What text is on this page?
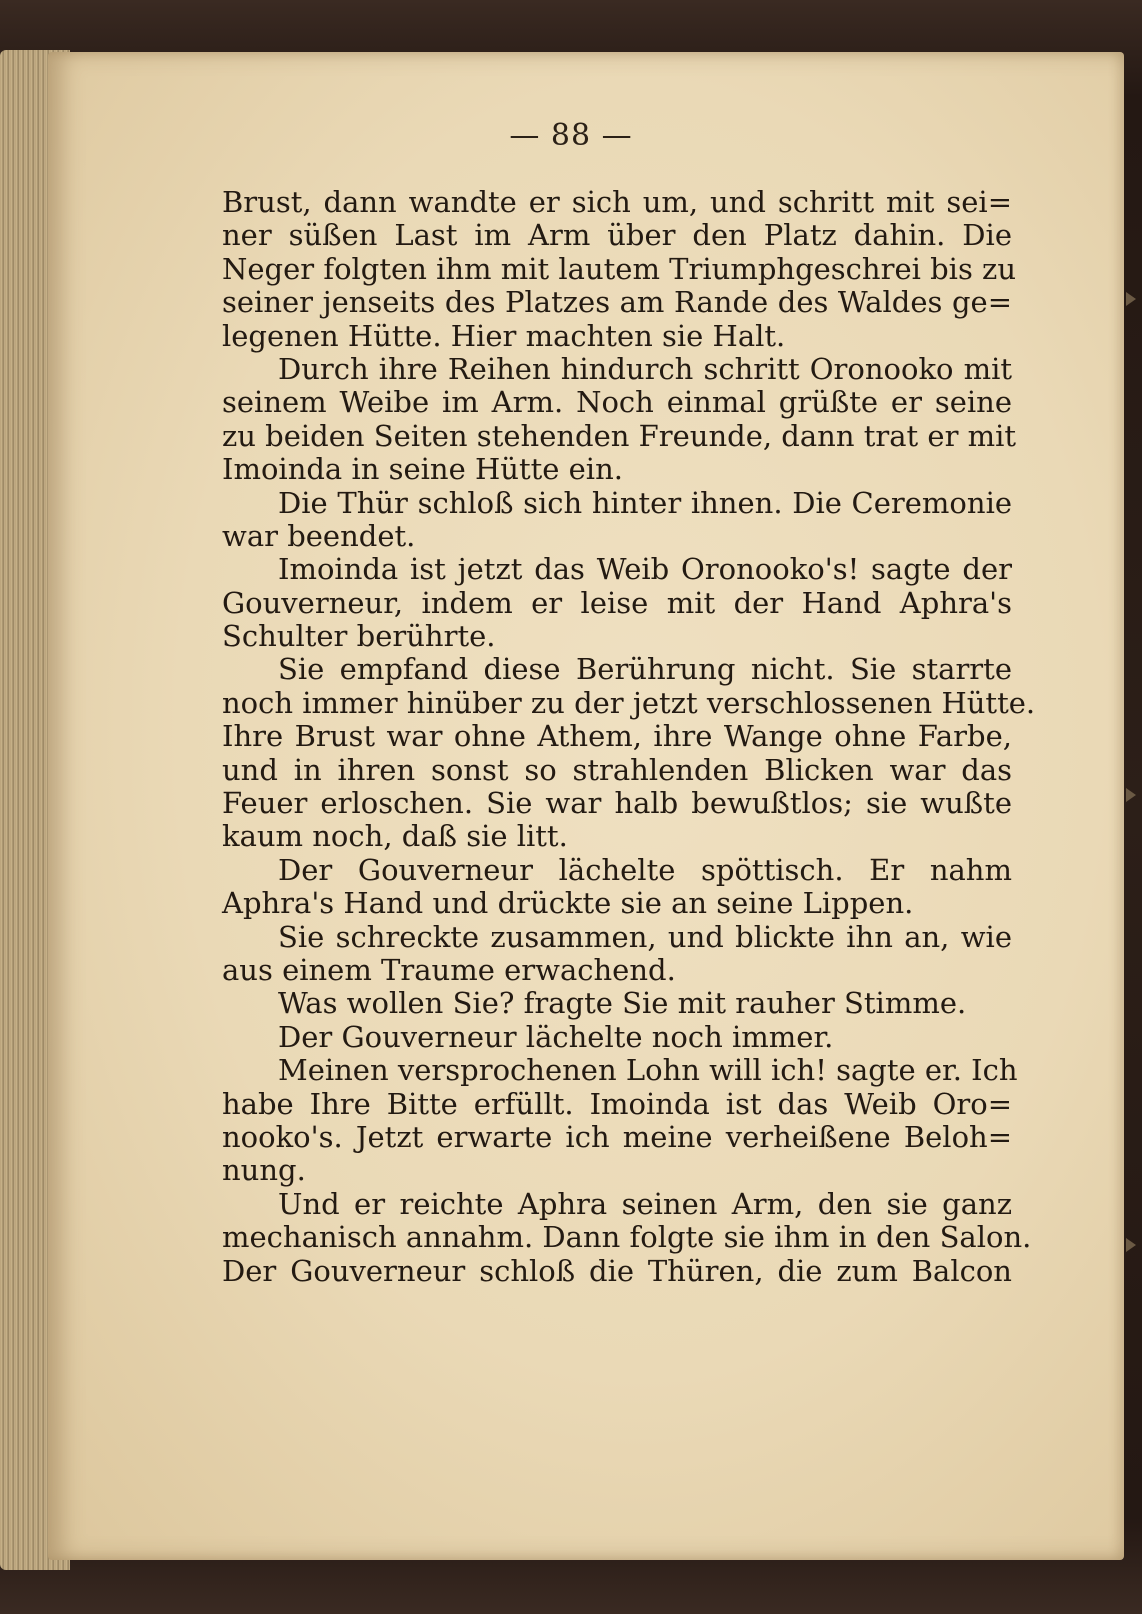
— 88 —
Brust, dann wandte er sich um, und schritt mit sei=
ner süßen Last im Arm über den Platz dahin. Die
Neger folgten ihm mit lautem Triumphgeschrei bis zu
seiner jenseits des Platzes am Rande des Waldes ge=
legenen Hütte. Hier machten sie Halt.
Durch ihre Reihen hindurch schritt Oronooko mit
seinem Weibe im Arm. Noch einmal grüßte er seine
zu beiden Seiten stehenden Freunde, dann trat er mit
Imoinda in seine Hütte ein.
Die Thür schloß sich hinter ihnen. Die Ceremonie
war beendet.
Imoinda ist jetzt das Weib Oronooko's! sagte der
Gouverneur, indem er leise mit der Hand Aphra's
Schulter berührte.
Sie empfand diese Berührung nicht. Sie starrte
noch immer hinüber zu der jetzt verschlossenen Hütte.
Ihre Brust war ohne Athem, ihre Wange ohne Farbe,
und in ihren sonst so strahlenden Blicken war das
Feuer erloschen. Sie war halb bewußtlos; sie wußte
kaum noch, daß sie litt.
Der Gouverneur lächelte spöttisch. Er nahm
Aphra's Hand und drückte sie an seine Lippen.
Sie schreckte zusammen, und blickte ihn an, wie
aus einem Traume erwachend.
Was wollen Sie? fragte Sie mit rauher Stimme.
Der Gouverneur lächelte noch immer.
Meinen versprochenen Lohn will ich! sagte er. Ich
habe Ihre Bitte erfüllt. Imoinda ist das Weib Oro=
nooko's. Jetzt erwarte ich meine verheißene Beloh=
nung.
Und er reichte Aphra seinen Arm, den sie ganz
mechanisch annahm. Dann folgte sie ihm in den Salon.
Der Gouverneur schloß die Thüren, die zum Balcon
